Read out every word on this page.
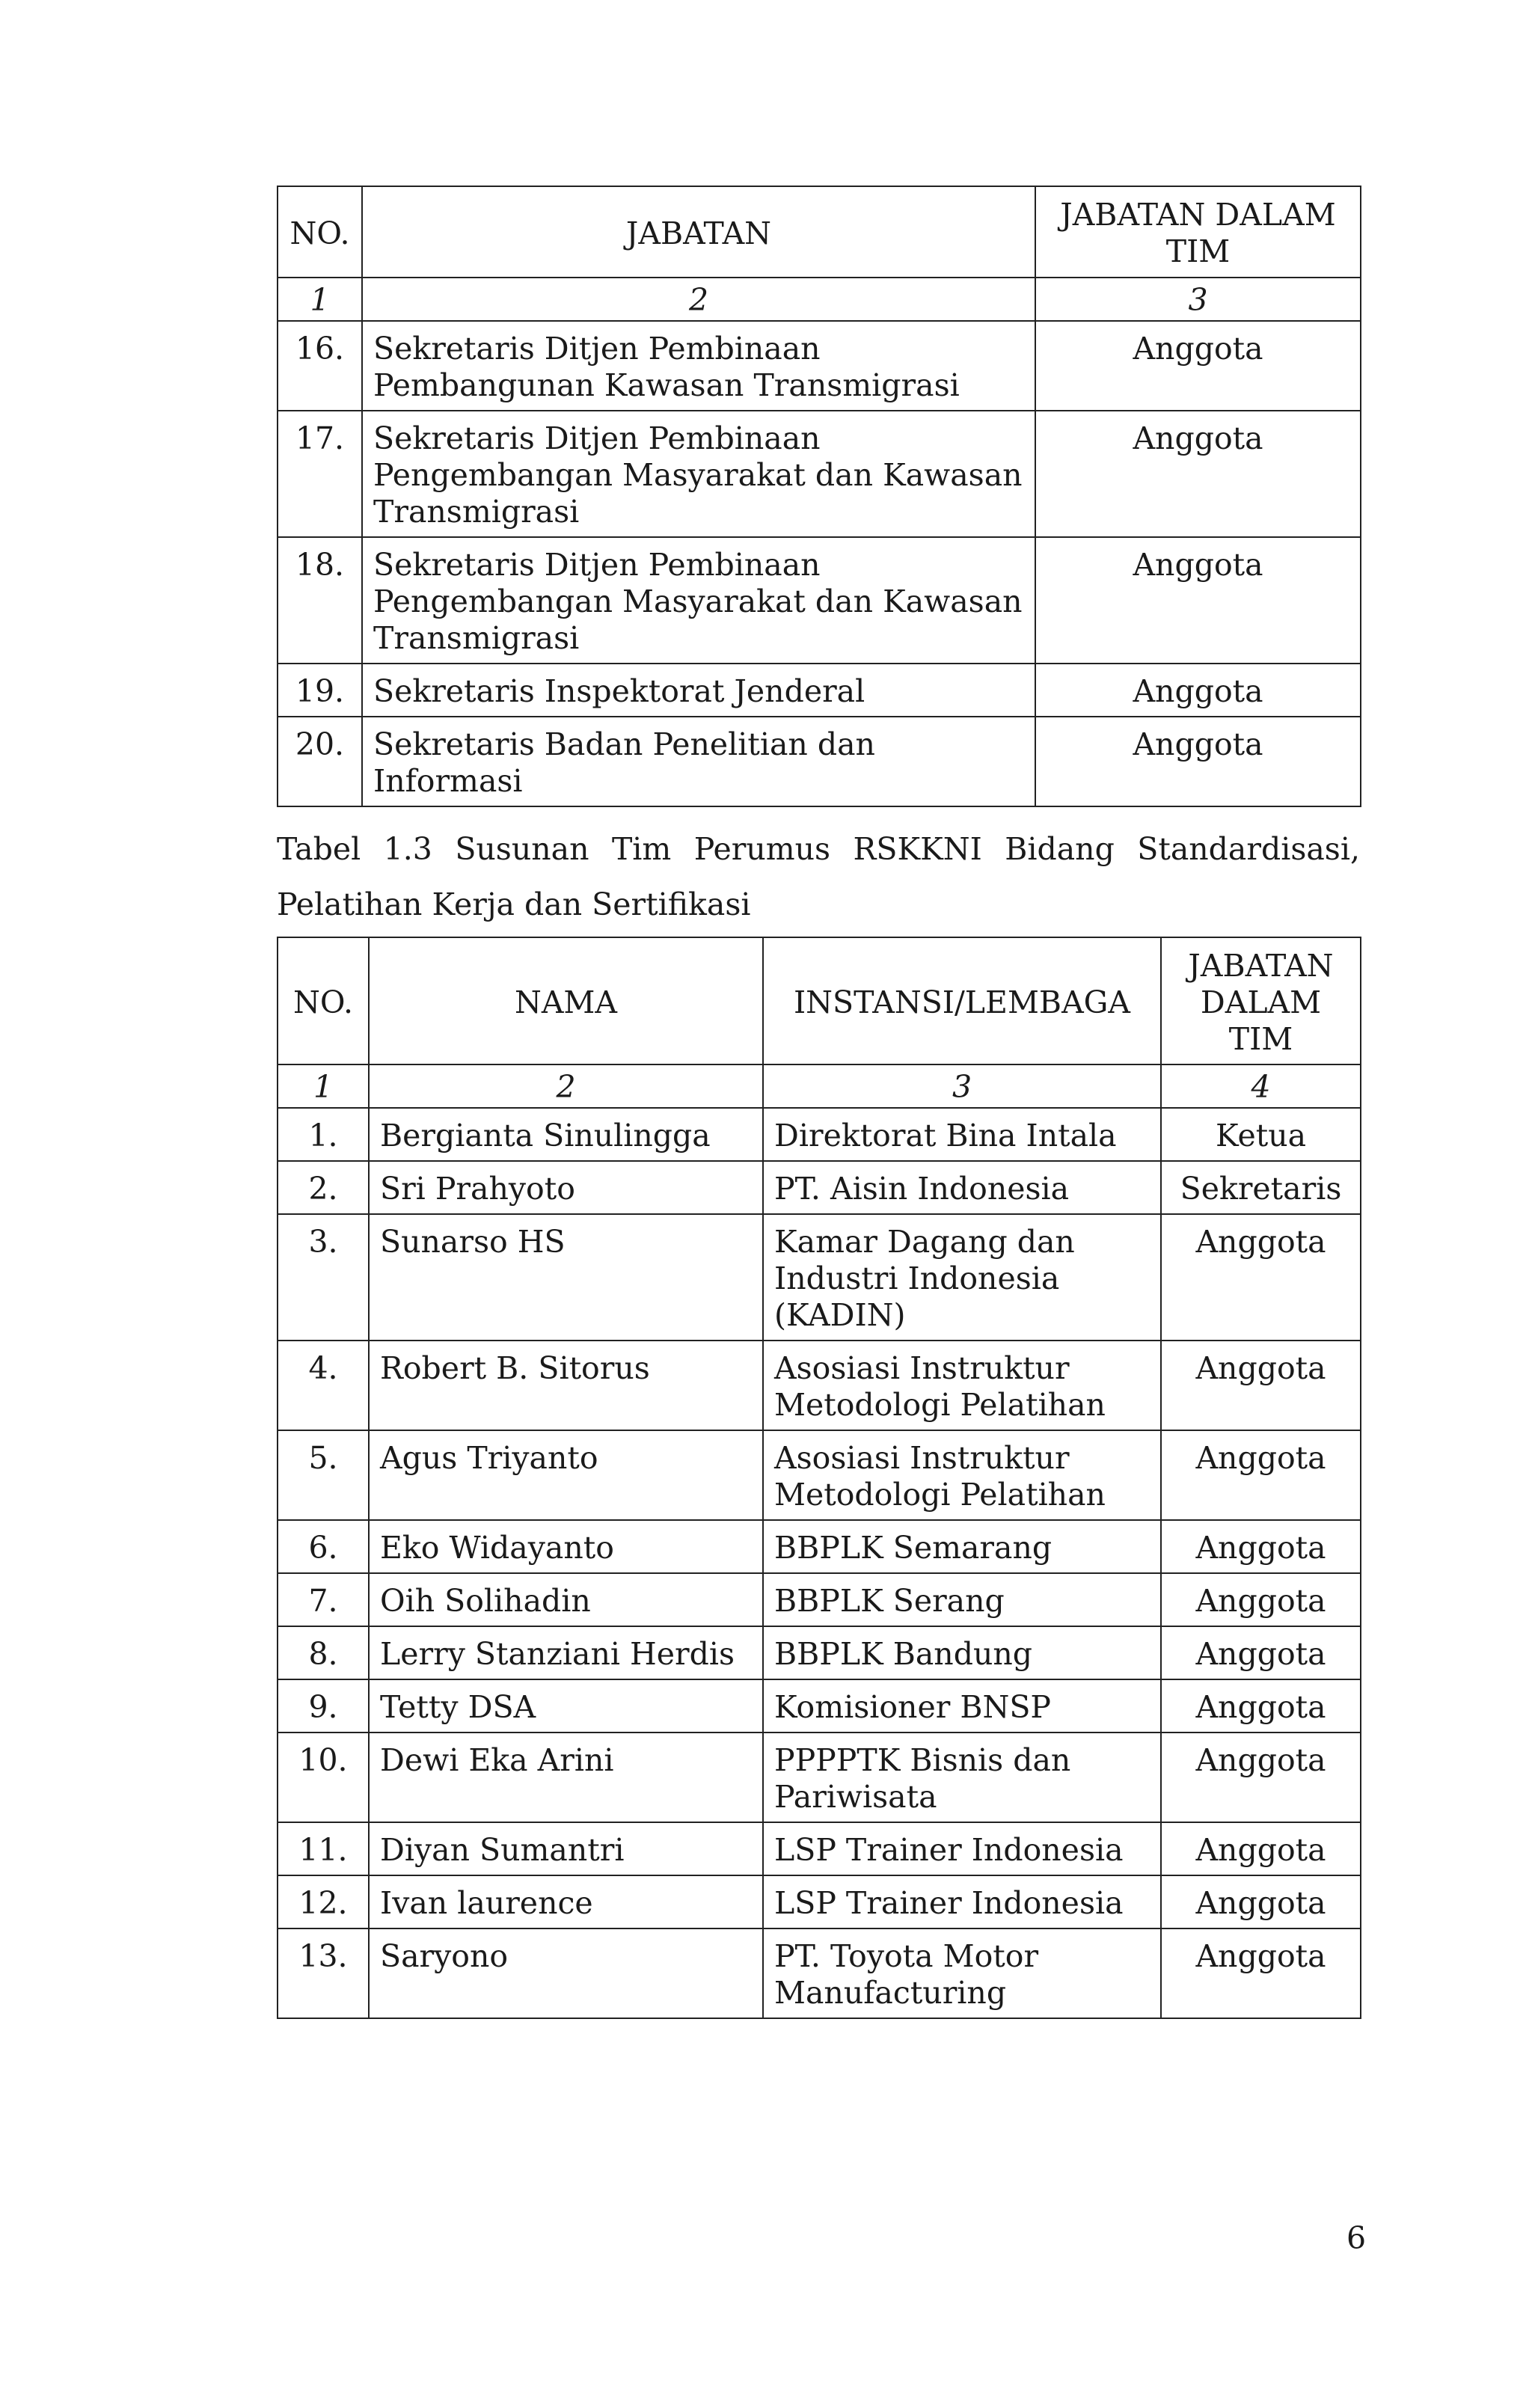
NO.	JABATAN	JABATAN DALAM TIM
1	2	3
16.	Sekretaris Ditjen Pembinaan Pembangunan Kawasan Transmigrasi	Anggota
17.	Sekretaris Ditjen Pembinaan Pengembangan Masyarakat dan Kawasan Transmigrasi	Anggota
18.	Sekretaris Ditjen Pembinaan Pengembangan Masyarakat dan Kawasan Transmigrasi	Anggota
19.	Sekretaris Inspektorat Jenderal	Anggota
20.	Sekretaris Badan Penelitian dan Informasi	Anggota
Tabel 1.3 Susunan Tim Perumus RSKKNI Bidang Standardisasi, Pelatihan Kerja dan Sertifikasi
NO.	NAMA	INSTANSI/LEMBAGA	JABATAN DALAM TIM
1	2	3	4
1.	Bergianta Sinulingga	Direktorat Bina Intala	Ketua
2.	Sri Prahyoto	PT. Aisin Indonesia	Sekretaris
3.	Sunarso HS	Kamar Dagang dan Industri Indonesia (KADIN)	Anggota
4.	Robert B. Sitorus	Asosiasi Instruktur Metodologi Pelatihan	Anggota
5.	Agus Triyanto	Asosiasi Instruktur Metodologi Pelatihan	Anggota
6.	Eko Widayanto	BBPLK Semarang	Anggota
7.	Oih Solihadin	BBPLK Serang	Anggota
8.	Lerry Stanziani Herdis	BBPLK Bandung	Anggota
9.	Tetty DSA	Komisioner BNSP	Anggota
10.	Dewi Eka Arini	PPPPTK Bisnis dan Pariwisata	Anggota
11.	Diyan Sumantri	LSP Trainer Indonesia	Anggota
12.	Ivan laurence	LSP Trainer Indonesia	Anggota
13.	Saryono	PT. Toyota Motor Manufacturing	Anggota
6
